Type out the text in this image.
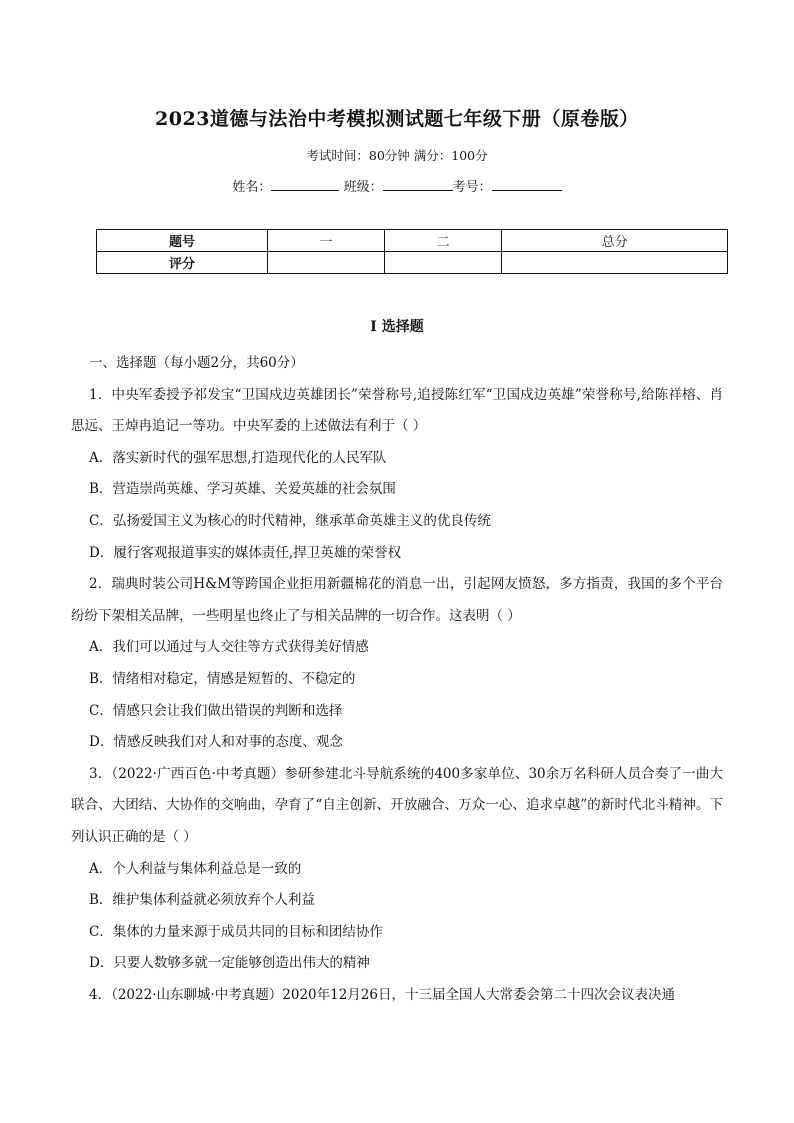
2023道德与法治中考模拟测试题七年级下册（原卷版）
考试时间：80分钟 满分：100分
姓名：	班级：	考号：
题号	一	二	总分
评分			
I 选择题

一、选择题（每小题2分，共60分）

1．中央军委授予祁发宝“卫国戍边英雄团长”荣誉称号,追授陈红军“卫国戍边英雄”荣誉称号,给陈祥榕、肖思远、王焯冉追记一等功。中央军委的上述做法有利于（ ）

A．落实新时代的强军思想,打造现代化的人民军队

B．营造崇尚英雄、学习英雄、关爱英雄的社会氛围

C．弘扬爱国主义为核心的时代精神，继承革命英雄主义的优良传统

D．履行客观报道事实的媒体责任,捍卫英雄的荣誉权

2．瑞典时装公司H&M等跨国企业拒用新疆棉花的消息一出，引起网友愤怒，多方指责，我国的多个平台纷纷下架相关品牌，一些明星也终止了与相关品牌的一切合作。这表明（ ）

A．我们可以通过与人交往等方式获得美好情感

B．情绪相对稳定，情感是短暂的、不稳定的

C．情感只会让我们做出错误的判断和选择

D．情感反映我们对人和对事的态度、观念

3．（2022·广西百色·中考真题）参研参建北斗导航系统的400多家单位、30余万名科研人员合奏了一曲大联合、大团结、大协作的交响曲，孕育了“自主创新、开放融合、万众一心、追求卓越”的新时代北斗精神。下列认识正确的是（ ）

A．个人利益与集体利益总是一致的

B．维护集体利益就必须放弃个人利益

C．集体的力量来源于成员共同的目标和团结协作

D．只要人数够多就一定能够创造出伟大的精神

4．（2022·山东聊城·中考真题）2020年12月26日，十三届全国人大常委会第二十四次会议表决通
